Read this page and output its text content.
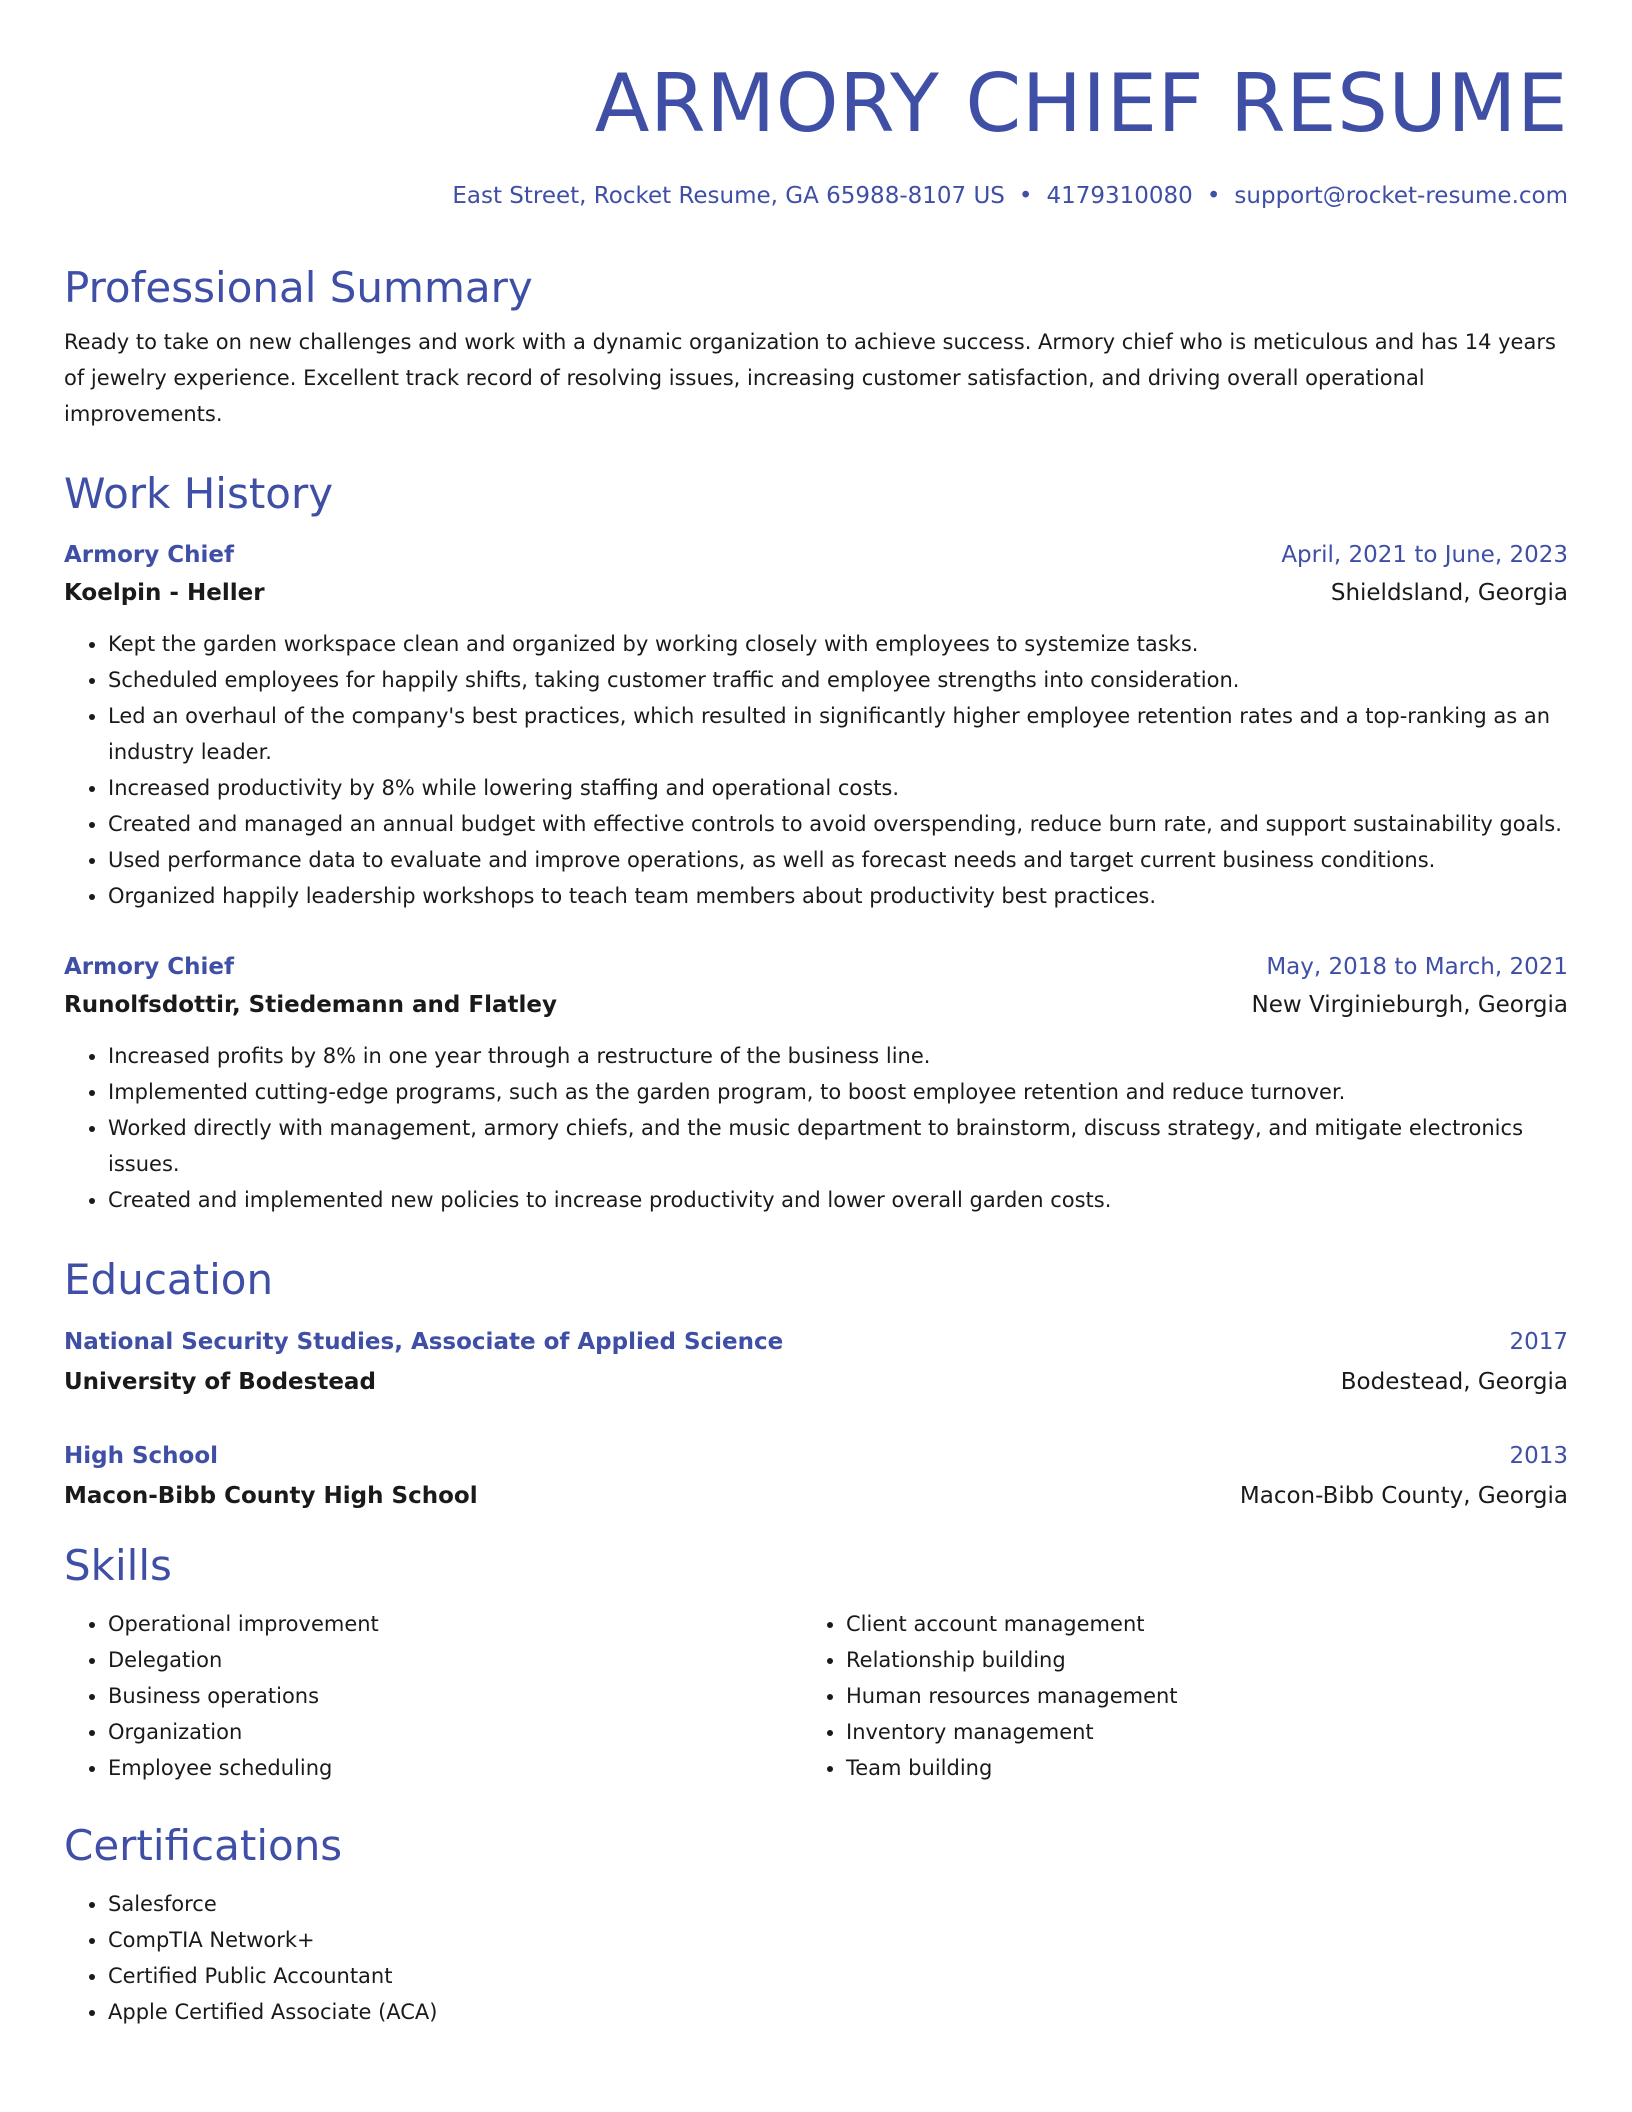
ARMORY CHIEF RESUME
East Street, Rocket Resume, GA 65988-8107 US • 4179310080 • support@rocket-resume.com
Professional Summary

Ready to take on new challenges and work with a dynamic organization to achieve success. Armory chief who is meticulous and has 14 years of jewelry experience. Excellent track record of resolving issues, increasing customer satisfaction, and driving overall operational improvements.

Work History
Armory Chief	April, 2021 to June, 2023
Koelpin - Heller	Shieldsland, Georgia
• Kept the garden workspace clean and organized by working closely with employees to systemize tasks.
• Scheduled employees for happily shifts, taking customer traffic and employee strengths into consideration.
• Led an overhaul of the company's best practices, which resulted in significantly higher employee retention rates and a top-ranking as an industry leader.
• Increased productivity by 8% while lowering staffing and operational costs.
• Created and managed an annual budget with effective controls to avoid overspending, reduce burn rate, and support sustainability goals.
• Used performance data to evaluate and improve operations, as well as forecast needs and target current business conditions.
• Organized happily leadership workshops to teach team members about productivity best practices.
Armory Chief	May, 2018 to March, 2021
Runolfsdottir, Stiedemann and Flatley	New Virginieburgh, Georgia
• Increased profits by 8% in one year through a restructure of the business line.
• Implemented cutting-edge programs, such as the garden program, to boost employee retention and reduce turnover.
• Worked directly with management, armory chiefs, and the music department to brainstorm, discuss strategy, and mitigate electronics issues.
• Created and implemented new policies to increase productivity and lower overall garden costs.
Education
National Security Studies, Associate of Applied Science	2017
University of Bodestead	Bodestead, Georgia
High School	2013
Macon-Bibb County High School	Macon-Bibb County, Georgia
Skills
• Operational improvement
• Delegation
• Business operations
• Organization
• Employee scheduling
• Client account management
• Relationship building
• Human resources management
• Inventory management
• Team building
Certifications
• Salesforce
• CompTIA Network+
• Certified Public Accountant
• Apple Certified Associate (ACA)
